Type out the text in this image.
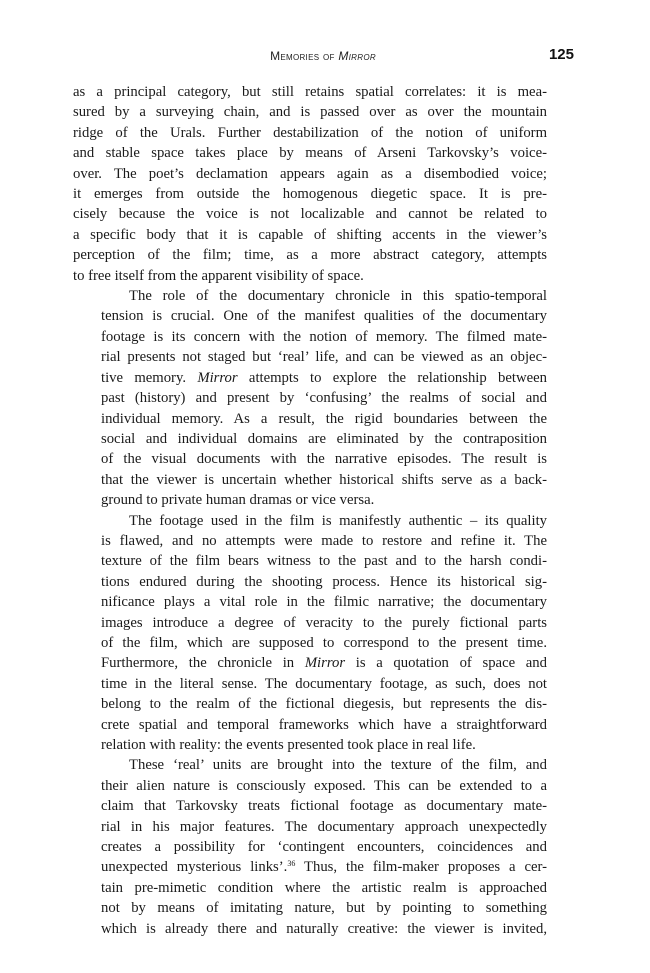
Memories of Mirror	125
as a principal category, but still retains spatial correlates: it is mea-
sured by a surveying chain, and is passed over as over the mountain
ridge of the Urals. Further destabilization of the notion of uniform
and stable space takes place by means of Arseni Tarkovsky’s voice-
over. The poet’s declamation appears again as a disembodied voice;
it emerges from outside the homogenous diegetic space. It is pre-
cisely because the voice is not localizable and cannot be related to
a specific body that it is capable of shifting accents in the viewer’s
perception of the film; time, as a more abstract category, attempts
to free itself from the apparent visibility of space.
The role of the documentary chronicle in this spatio-temporal
tension is crucial. One of the manifest qualities of the documentary
footage is its concern with the notion of memory. The filmed mate-
rial presents not staged but ‘real’ life, and can be viewed as an objec-
tive memory. Mirror attempts to explore the relationship between
past (history) and present by ‘confusing’ the realms of social and
individual memory. As a result, the rigid boundaries between the
social and individual domains are eliminated by the contraposition
of the visual documents with the narrative episodes. The result is
that the viewer is uncertain whether historical shifts serve as a back-
ground to private human dramas or vice versa.
The footage used in the film is manifestly authentic – its quality
is flawed, and no attempts were made to restore and refine it. The
texture of the film bears witness to the past and to the harsh condi-
tions endured during the shooting process. Hence its historical sig-
nificance plays a vital role in the filmic narrative; the documentary
images introduce a degree of veracity to the purely fictional parts
of the film, which are supposed to correspond to the present time.
Furthermore, the chronicle in Mirror is a quotation of space and
time in the literal sense. The documentary footage, as such, does not
belong to the realm of the fictional diegesis, but represents the dis-
crete spatial and temporal frameworks which have a straightforward
relation with reality: the events presented took place in real life.
These ‘real’ units are brought into the texture of the film, and
their alien nature is consciously exposed. This can be extended to a
claim that Tarkovsky treats fictional footage as documentary mate-
rial in his major features. The documentary approach unexpectedly
creates a possibility for ‘contingent encounters, coincidences and
unexpected mysterious links’.$^{36}$ Thus, the film-maker proposes a cer-
tain pre-mimetic condition where the artistic realm is approached
not by means of imitating nature, but by pointing to something
which is already there and naturally creative: the viewer is invited,
